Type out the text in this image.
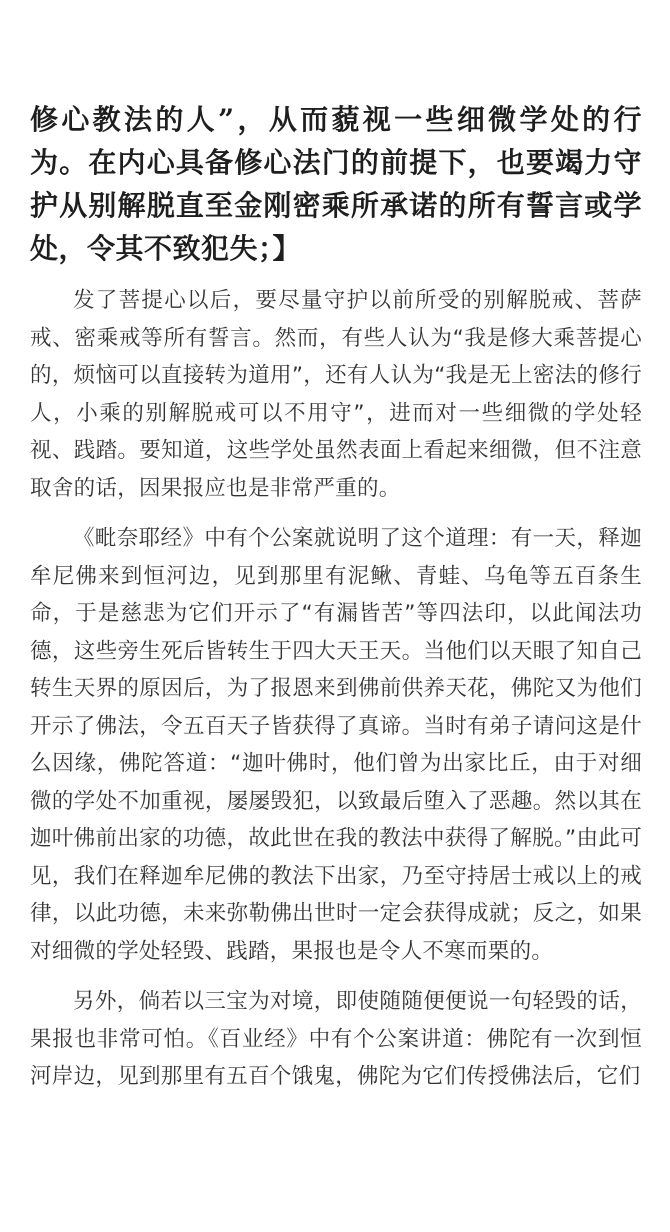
修心教法的人”，从而藐视一些细微学处的行为。在内心具备修心法门的前提下，也要竭力守护从别解脱直至金刚密乘所承诺的所有誓言或学处，令其不致犯失；】

发了菩提心以后，要尽量守护以前所受的别解脱戒、菩萨戒、密乘戒等所有誓言。然而，有些人认为“我是修大乘菩提心的，烦恼可以直接转为道用”，还有人认为“我是无上密法的修行人，小乘的别解脱戒可以不用守”，进而对一些细微的学处轻视、践踏。要知道，这些学处虽然表面上看起来细微，但不注意取舍的话，因果报应也是非常严重的。

《毗奈耶经》中有个公案就说明了这个道理：有一天，释迦牟尼佛来到恒河边，见到那里有泥鳅、青蛙、乌龟等五百条生命，于是慈悲为它们开示了“有漏皆苦”等四法印，以此闻法功德，这些旁生死后皆转生于四大天王天。当他们以天眼了知自己转生天界的原因后，为了报恩来到佛前供养天花，佛陀又为他们开示了佛法，令五百天子皆获得了真谛。当时有弟子请问这是什么因缘，佛陀答道：“迦叶佛时，他们曾为出家比丘，由于对细微的学处不加重视，屡屡毁犯，以致最后堕入了恶趣。然以其在迦叶佛前出家的功德，故此世在我的教法中获得了解脱。”由此可见，我们在释迦牟尼佛的教法下出家，乃至守持居士戒以上的戒律，以此功德，未来弥勒佛出世时一定会获得成就；反之，如果对细微的学处轻毁、践踏，果报也是令人不寒而栗的。

另外，倘若以三宝为对境，即使随随便便说一句轻毁的话，果报也非常可怕。《百业经》中有个公案讲道：佛陀有一次到恒河岸边，见到那里有五百个饿鬼，佛陀为它们传授佛法后，它们
